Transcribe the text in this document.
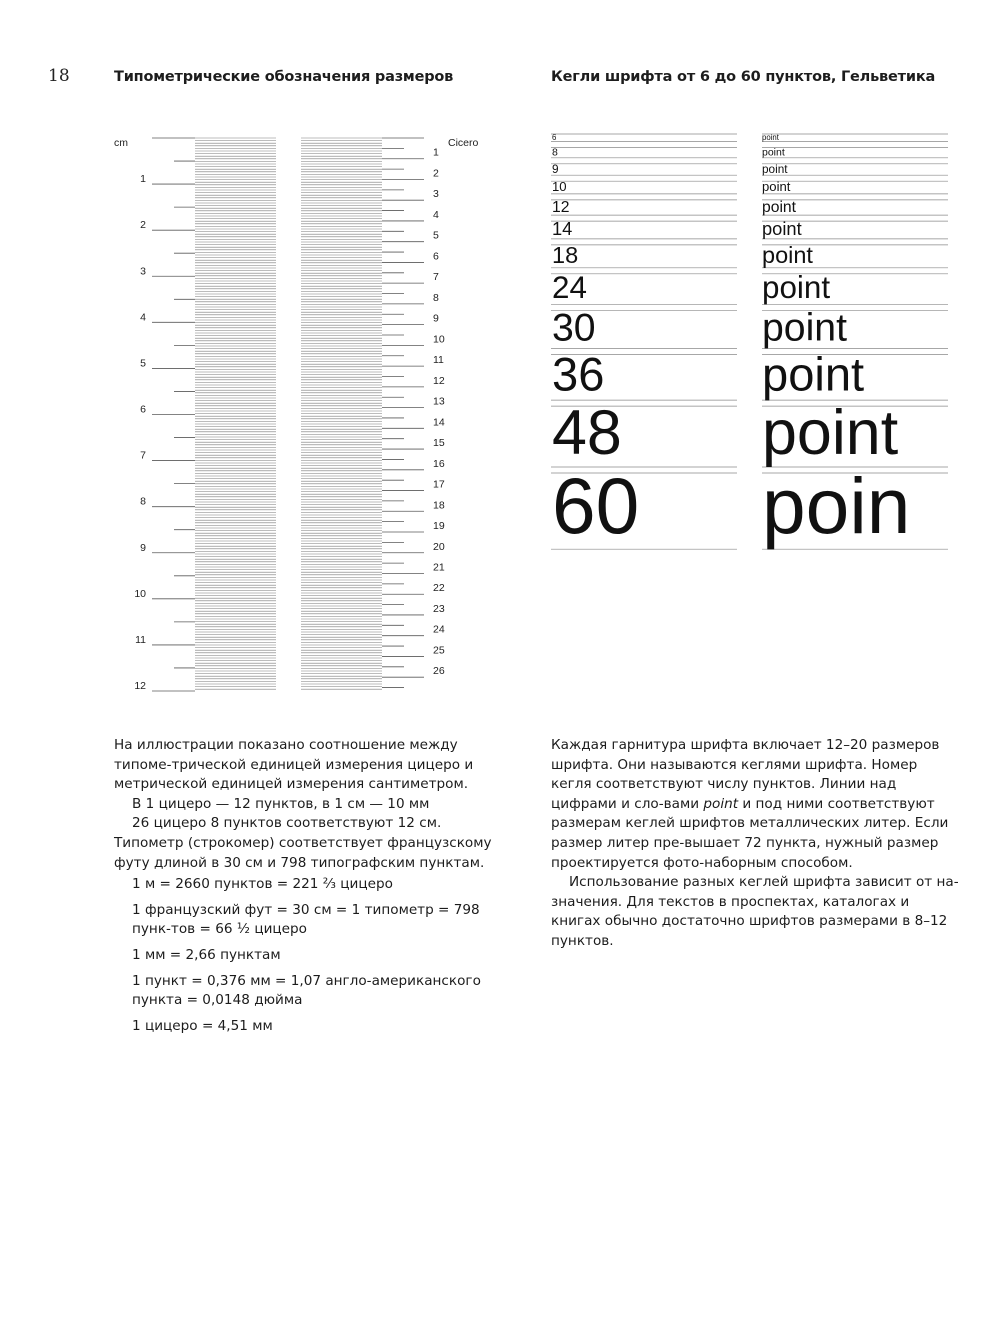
18	Типометрические обозначения размеров	Кегли шрифта от 6 до 60 пунктов, Гельветика
cm
1
2
3
4
5
6
7
8
9
10
11
12
Cicero
1
2
3
4
5
6
7
8
9
10
11
12
13
14
15
16
17
18
19
20
21
22
23
24
25
26
6	point
8	point
9	point
10	point
12	point
14	point
18	point
24	point
30	point
36	point
48 point
60 poin

На иллюстрации показано соотношение между типоме-трической единицей измерения цицеро и метрической единицей измерения сантиметром.

В 1 цицеро — 12 пунктов, в 1 см — 10 мм

26 цицеро 8 пунктов соответствуют 12 см. Типометр (строкомер) соответствует французскому футу длиной в 30 см и 798 типографским пунктам.

1 м = 2660 пунктов = 221 ²⁄₃ цицеро

1 французский фут = 30 см = 1 типометр = 798 пунк-тов = 66 ¹⁄₂ цицеро

1 мм = 2,66 пунктам

1 пункт = 0,376 мм = 1,07 англо-американского пункта = 0,0148 дюйма

1 цицеро = 4,51 мм

Каждая гарнитура шрифта включает 12–20 размеров шрифта. Они называются кеглями шрифта. Номер кегля соответствуют числу пунктов. Линии над цифрами и сло-вами point и под ними соответствуют размерам кеглей шрифтов металлических литер. Если размер литер пре-вышает 72 пункта, нужный размер проектируется фото-наборным способом.

Использование разных кеглей шрифта зависит от на-значения. Для текстов в проспектах, каталогах и книгах обычно достаточно шрифтов размерами в 8–12 пунктов.
